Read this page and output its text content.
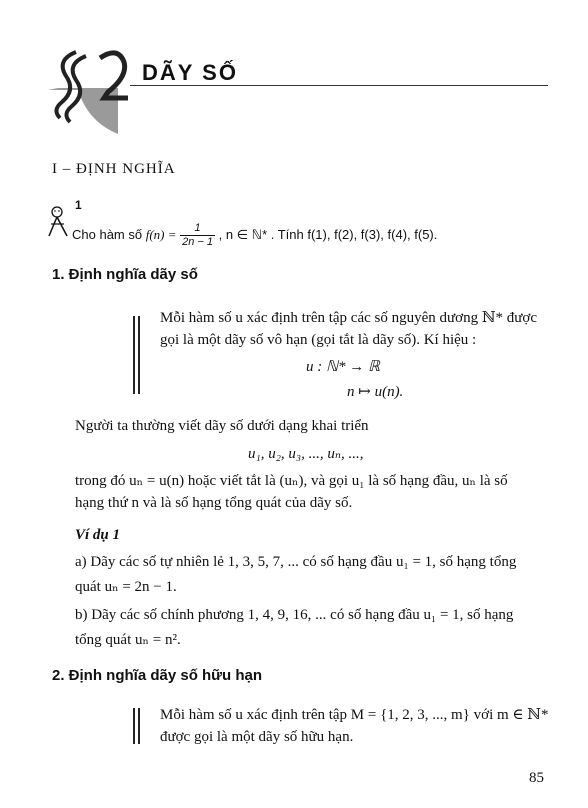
DÃY SỐ
I – ĐỊNH NGHĨA
1
Cho hàm số $f(n) = \frac{1}{2n - 1}$ , n ∈ ℕ* . Tính f(1), f(2), f(3), f(4), f(5).
1. Định nghĩa dãy số
Mỗi hàm số u xác định trên tập các số nguyên dương ℕ* được
gọi là một dãy số vô hạn (gọi tắt là dãy số). Kí hiệu :
u : ℕ* → ℝ
n ↦ u(n).
Người ta thường viết dãy số dưới dạng khai triển
u₁, u₂, u₃, ..., uₙ, ...,
trong đó uₙ = u(n) hoặc viết tắt là (uₙ), và gọi u₁ là số hạng đầu, uₙ là số
hạng thứ n và là số hạng tổng quát của dãy số.
Ví dụ 1
a) Dãy các số tự nhiên lẻ 1, 3, 5, 7, ... có số hạng đầu u₁ = 1, số hạng tổng
quát uₙ = 2n − 1.
b) Dãy các số chính phương 1, 4, 9, 16, ... có số hạng đầu u₁ = 1, số hạng
tổng quát uₙ = n².
2. Định nghĩa dãy số hữu hạn
Mỗi hàm số u xác định trên tập M = {1, 2, 3, ..., m} với m ∈ ℕ*
được gọi là một dãy số hữu hạn.
85
